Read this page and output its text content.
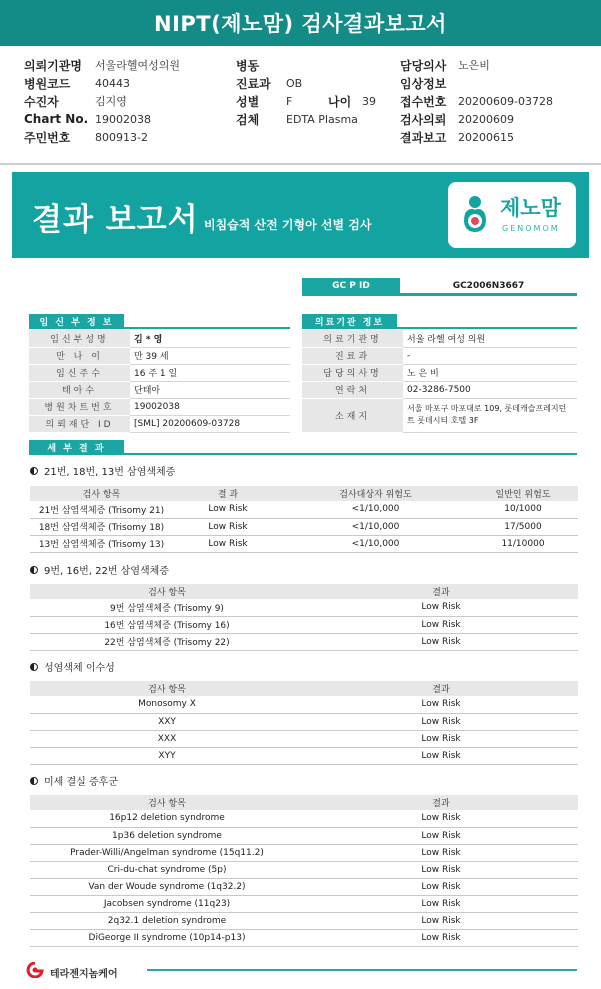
NIPT(제노맘) 검사결과보고서
의뢰기관명	서울라헬여성의원
병원코드	40443
수진자	김지영
Chart No. 19002038
주민번호	800913-2
병동
진료과	OB
성별	F	나이 39
검체	EDTA Plasma
담당의사	노은비
임상정보
접수번호	20200609-03728
검사의뢰	20200609
결과보고	20200615
결과 보고서 비침습적 산전 기형아 선별 검사
제노맘
GENOMOM
GC P ID	GC2006N3667
임 신 부 정 보
임신부성명	김 * 영
만 나 이	만 39 세
임신주수	16 주 1 일
태아수	단태아
병원차트번호	19002038
의뢰재단 ID	[SML] 20200609-03728
의료기관 정보
의료기관명	서울 라헬 여성 의원
진료과	-
담당의사명	노 은 비
연락처	02-3286-7500
소재지	서울 마포구 마포대로 109, 롯데캐슬프레지던트 롯데시티 호텔 3F
세 부 결 과
21번, 18번, 13번 삼염색체증
검사 항목	결 과	검사대상자 위험도	일반인 위험도
21번 삼염색체증 (Trisomy 21)	Low Risk	<1/10,000	10/1000
18번 삼염색체증 (Trisomy 18)	Low Risk	<1/10,000	17/5000
13번 삼염색체증 (Trisomy 13)	Low Risk	<1/10,000	11/10000
9번, 16번, 22번 삼염색체증
검사 항목	결과
9번 삼염색체증 (Trisomy 9)	Low Risk
16번 삼염색체증 (Trisomy 16)	Low Risk
22번 삼염색체증 (Trisomy 22)	Low Risk
성염색체 이수성
검사 항목	결과
Monosomy X	Low Risk
XXY	Low Risk
XXX	Low Risk
XYY	Low Risk
미세 결실 증후군
검사 항목	결과
16p12 deletion syndrome	Low Risk
1p36 deletion syndrome	Low Risk
Prader-Willi/Angelman syndrome (15q11.2)	Low Risk
Cri-du-chat syndrome (5p)	Low Risk
Van der Woude syndrome (1q32.2)	Low Risk
Jacobsen syndrome (11q23)	Low Risk
2q32.1 deletion syndrome	Low Risk
DiGeorge II syndrome (10p14-p13)	Low Risk
테라젠지놈케어
